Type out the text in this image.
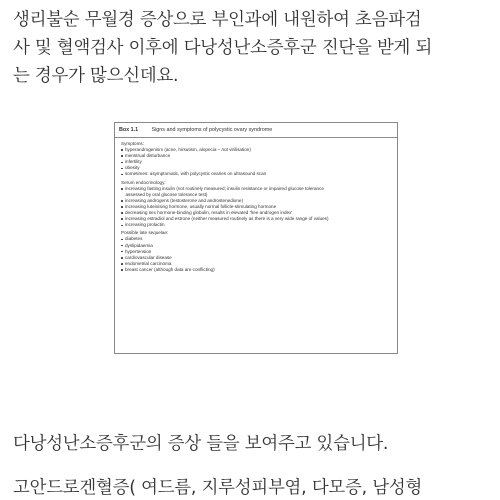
생리불순 무월경 증상으로 부인과에 내원하여 초음파검
사 및 혈액검사 이후에 다낭성난소증후군 진단을 받게 되
는 경우가 많으신데요.
Box 1.1 Signs and symptoms of polycystic ovary syndrome
Symptoms:
hyperandrogenism (acne, hirsutism, alopecia – not virilisation)
menstrual disturbance
infertility
obesity
sometimes: asymptomatic, with polycystic ovaries on ultrasound scan
Serum endocrinology:
increasing fasting insulin (not routinely measured; insulin resistance or impaired glucose tolerance
assessed by oral glucose tolerance test)
increasing androgens (testosterone and androstenedione)
increasing luteinising hormone, usually normal follicle-stimulating hormone
decreasing sex hormone-binding globulin, results in elevated 'free androgen index'
increasing estradiol and estrone (neither measured routinely as there is a very wide range of values)
increasing prolactin
Possible late sequelae:
diabetes
dyslipidaemia
hypertension
cardiovascular disease
endometrial carcinoma
breast cancer (although data are conflicting)
다낭성난소증후군의 증상 들을 보여주고 있습니다.
고안드로겐혈증( 여드름, 지루성피부염, 다모증, 남성형
